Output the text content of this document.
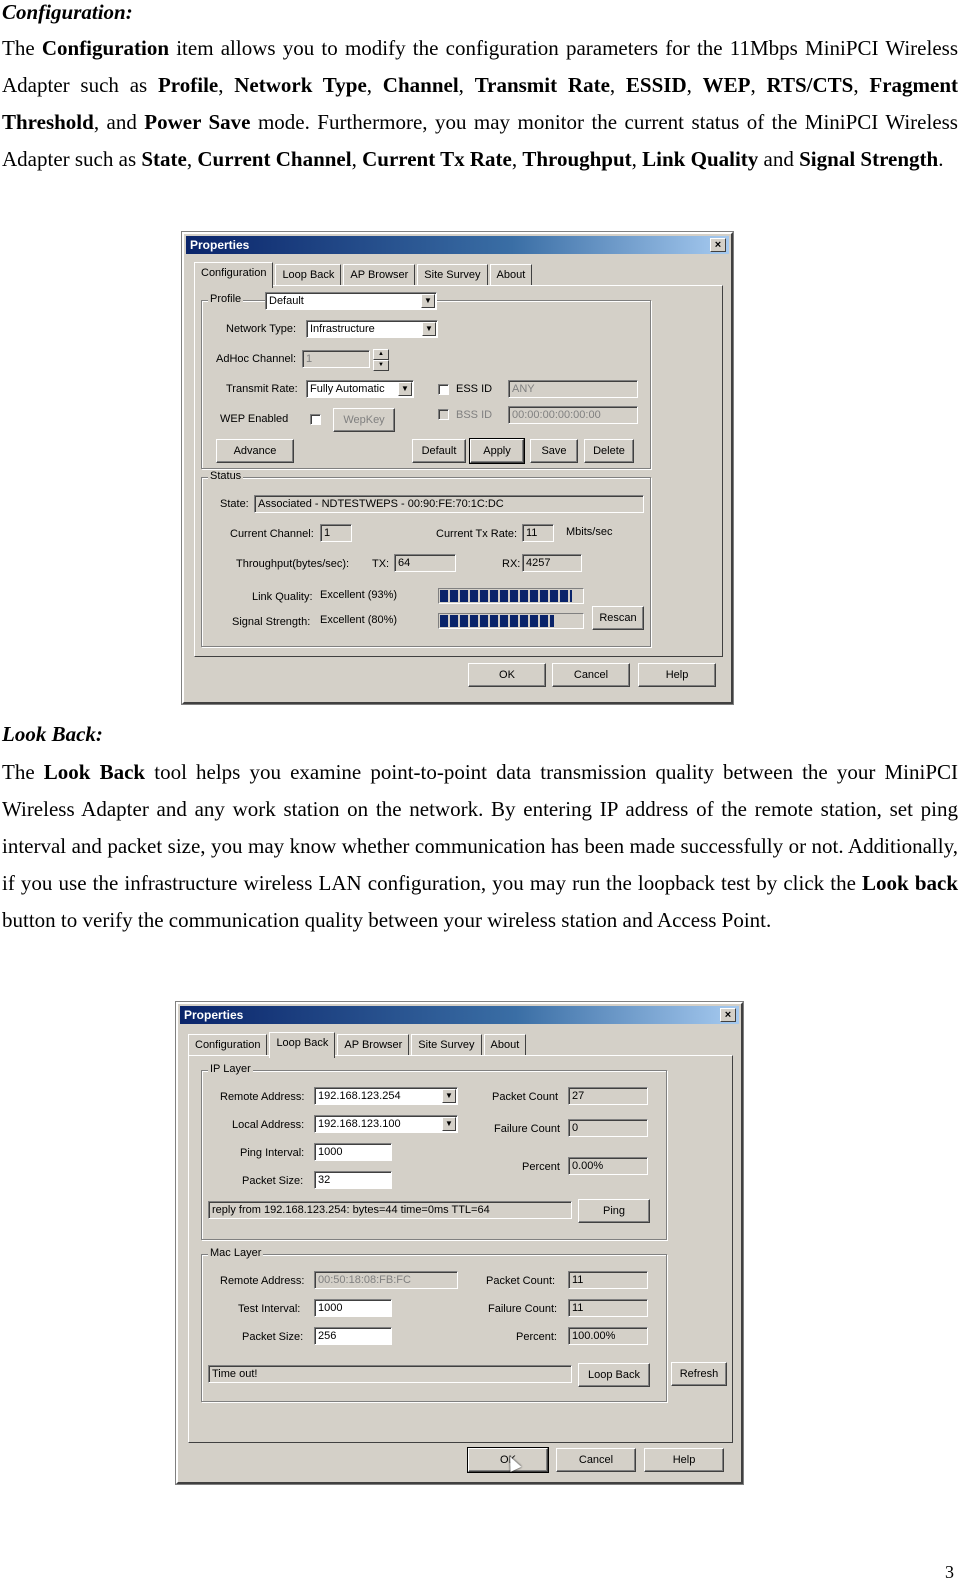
Configuration:

The Configuration item allows you to modify the configuration parameters for the 11Mbps MiniPCI Wireless Adapter such as Profile, Network Type, Channel, Transmit Rate, ESSID, WEP, RTS/CTS, Fragment Threshold, and Power Save mode. Furthermore, you may monitor the current status of the MiniPCI Wireless Adapter such as State, Current Channel, Current Tx Rate, Throughput, Link Quality and Signal Strength.

Properties	×
Configuration	Loop Back	AP Browser	Site Survey	About
Profile	Default	▼
Network Type:	Infrastructure	▼
AdHoc Channel: 1	▲
▼
Transmit Rate:	Fully Automatic	▼	ESS ID	ANY
WEP Enabled	WepKey	BSS ID	00:00:00:00:00:00
Advance	Default	Apply	Save	Delete
Status
State: Associated - NDTESTWEPS - 00:90:FE:70:1C:DC
Current Channel: 1	Current Tx Rate: 11	Mbits/sec
Throughput(bytes/sec): TX: 64	RX: 4257
Link Quality: Excellent (93%)
Signal Strength: Excellent (80%)	Rescan
OK	Cancel	Help
Look Back:

The Look Back tool helps you examine point-to-point data transmission quality between the your MiniPCI Wireless Adapter and any work station on the network. By entering IP address of the remote station, set ping interval and packet size, you may know whether communication has been made successfully or not. Additionally, if you use the infrastructure wireless LAN configuration, you may run the loopback test by click the Look back button to verify the communication quality between your wireless station and Access Point.

Properties	×
Configuration	Loop Back	AP Browser	Site Survey	About
IP Layer
Remote Address:	192.168.123.254	▼
Local Address:	192.168.123.100	▼
Ping Interval:	1000
Packet Size:	32
Packet Count	27
Failure Count	0
Percent	0.00%
reply from 192.168.123.254: bytes=44 time=0ms TTL=64	Ping
Mac Layer
Remote Address:	00:50:18:08:FB:FC
Test Interval:	1000
Packet Size:	256
Packet Count:	11
Failure Count:	11
Percent:	100.00%
Time out!	Loop Back	Refresh
OK	Cancel	Help
3
